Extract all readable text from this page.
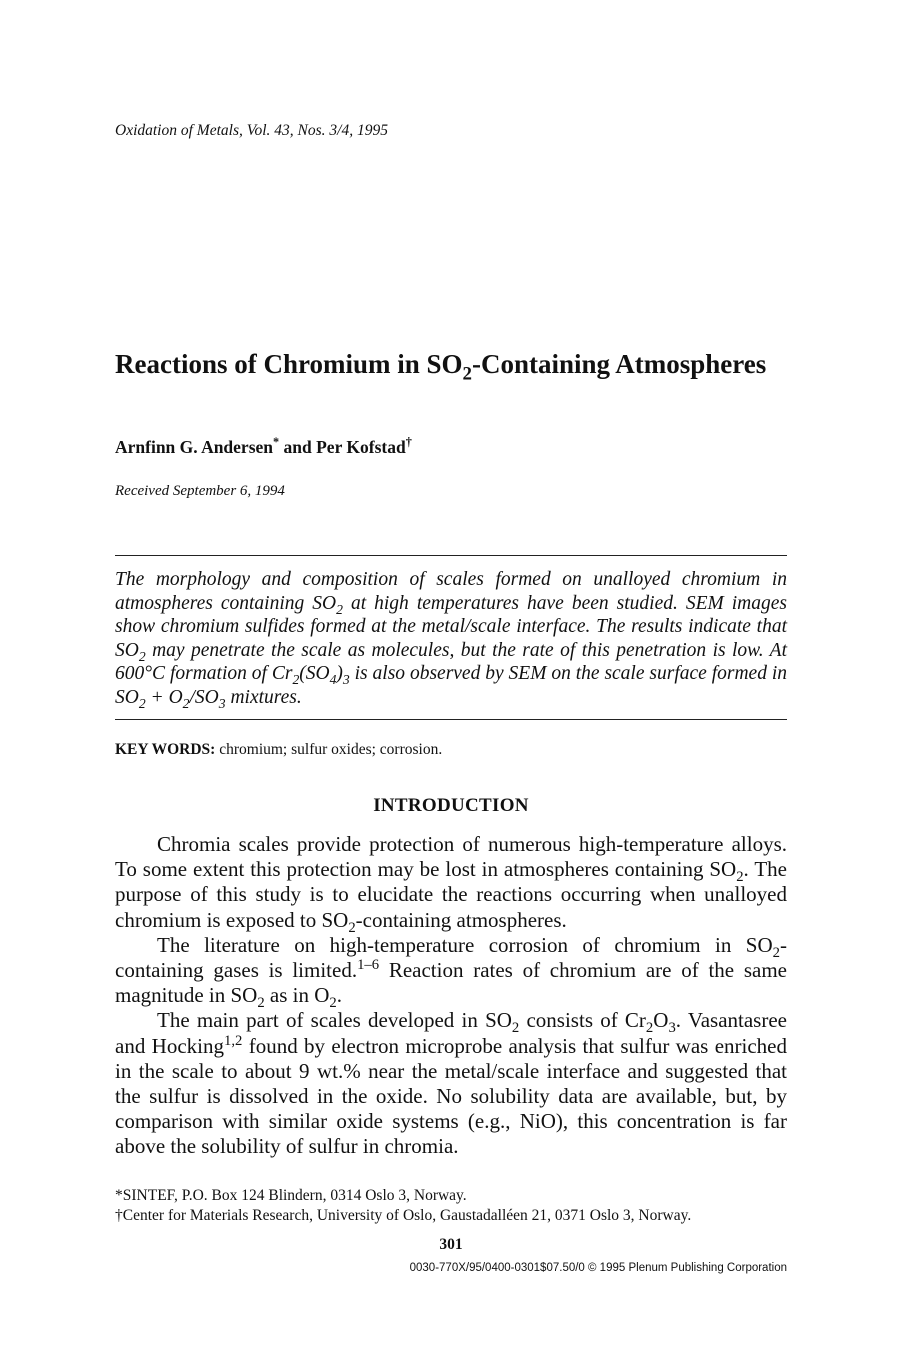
Oxidation of Metals, Vol. 43, Nos. 3/4, 1995
Reactions of Chromium in $SO_2$-Containing Atmospheres
Arnfinn G. Andersen* and Per Kofstad†
Received September 6, 1994
The morphology and composition of scales formed on unalloyed chromium in atmospheres containing $SO_2$ at high temperatures have been studied. SEM images show chromium sulfides formed at the metal/scale interface. The results indicate that $SO_2$ may penetrate the scale as molecules, but the rate of this penetration is low. At 600°C formation of $Cr_2(SO_4)_3$ is also observed by SEM on the scale surface formed in $SO_2 + O_2/SO_3$ mixtures.
KEY WORDS: chromium; sulfur oxides; corrosion.
INTRODUCTION

Chromia scales provide protection of numerous high-temperature alloys. To some extent this protection may be lost in atmospheres containing $SO_2$. The purpose of this study is to elucidate the reactions occurring when unalloyed chromium is exposed to $SO_2$-containing atmospheres.

The literature on high-temperature corrosion of chromium in $SO_2$-containing gases is limited.$^{1-6}$ Reaction rates of chromium are of the same magnitude in $SO_2$ as in $O_2$.

The main part of scales developed in $SO_2$ consists of $Cr_2O_3$. Vasantasree and Hocking$^{1,2}$ found by electron microprobe analysis that sulfur was enriched in the scale to about 9 wt.% near the metal/scale interface and suggested that the sulfur is dissolved in the oxide. No solubility data are available, but, by comparison with similar oxide systems (e.g., NiO), this concentration is far above the solubility of sulfur in chromia.

*SINTEF, P.O. Box 124 Blindern, 0314 Oslo 3, Norway.
†Center for Materials Research, University of Oslo, Gaustadalléen 21, 0371 Oslo 3, Norway.
301
0030-770X/95/0400-0301$07.50/0 © 1995 Plenum Publishing Corporation
